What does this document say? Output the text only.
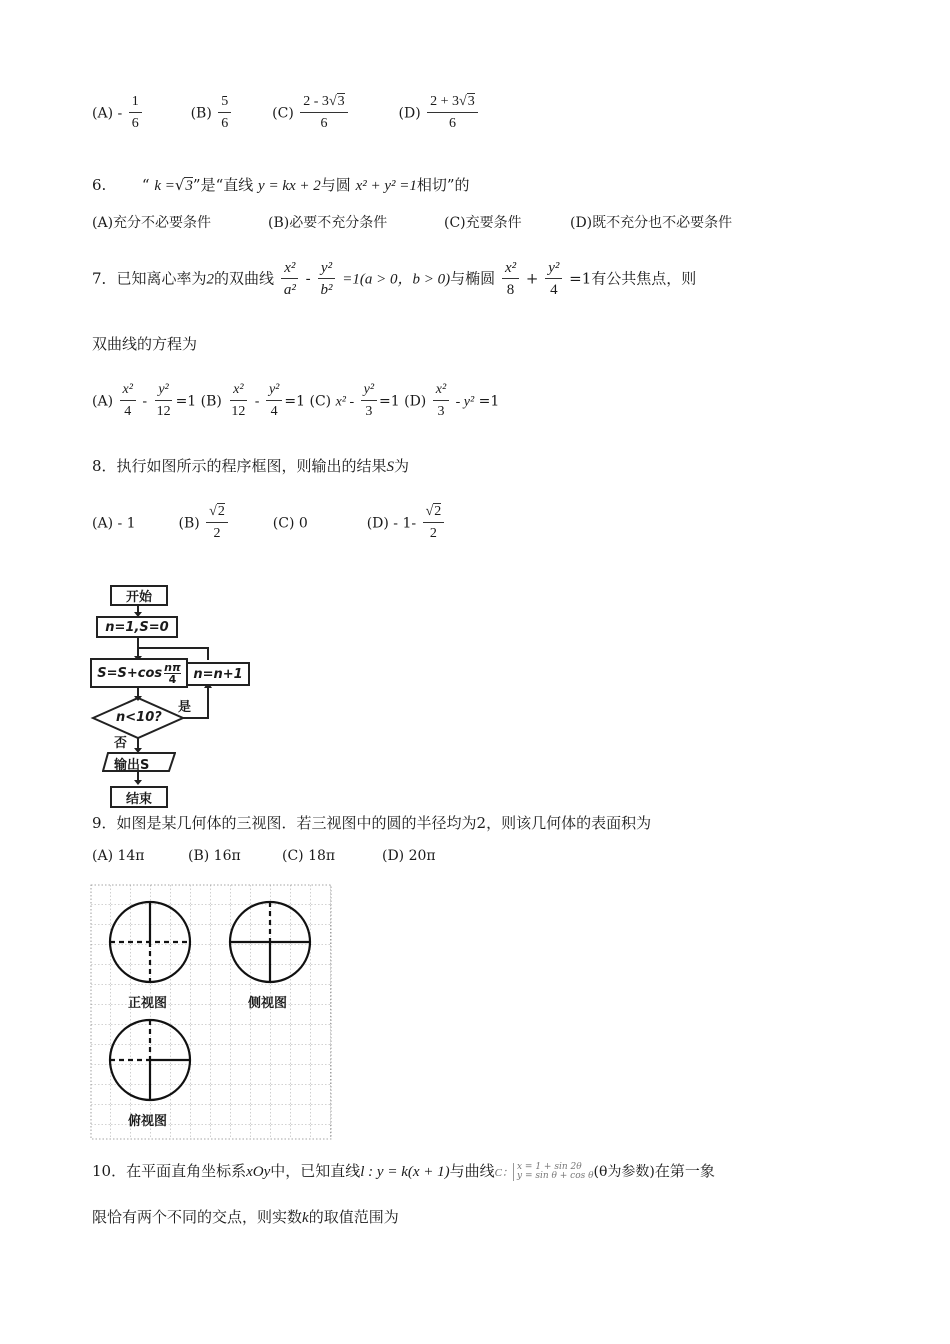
$(A) - \frac{1}{6}$	$(B) \frac{5}{6}$	$(C) \frac{2 - 3√3}{6}$	$(D) \frac{2 + 3√3}{6}$
6. “ k =√3”是“直线 y = kx + 2与圆 x² + y² =1相切”的
(A)充分不必要条件	(B)必要不充分条件	(C)充要条件	(D)既不充分也不必要条件
7．已知离心率为2的双曲线 $\frac{\text{x²}}{\text{a²}} - \frac{\text{y²}}{\text{b²}} =1(a > 0$，b > 0)与椭圆 $\frac{\text{x²}}{8} + \frac{\text{y²}}{4} =1$有公共焦点，则
双曲线的方程为
$(A) \frac{\text{x²}}{4} - \frac{\text{y²}}{12} =1$ $(B) \frac{\text{x²}}{12} - \frac{\text{y²}}{4} =1$ (C) $x^2 - \frac{\text{y²}}{3} =1$ $(D) \frac{\text{x²}}{3} - y^2 =1$
8．执行如图所示的程序框图，则输出的结果S为
(A) - 1	$(B) \frac{√2}{2}$	(C) 0	$(D) - 1- \frac{√2}{2}$
开始
n=1,S=0
S=S+cos nπ
4	n=n+1
n<10?
是
否
输出S
结束
9．如图是某几何体的三视图．若三视图中的圆的半径均为2，则该几何体的表面积为
(A) 14π	(B) 16π	(C) 18π	(D) 20π
正视图	侧视图
俯视图
10．在平面直角坐标系xOy中，已知直线l : y = k(x + 1)与曲线C： x = 1 + sin 2θ
y = sin θ + cos θ (θ为参数)在第一象
限恰有两个不同的交点，则实数k的取值范围为
